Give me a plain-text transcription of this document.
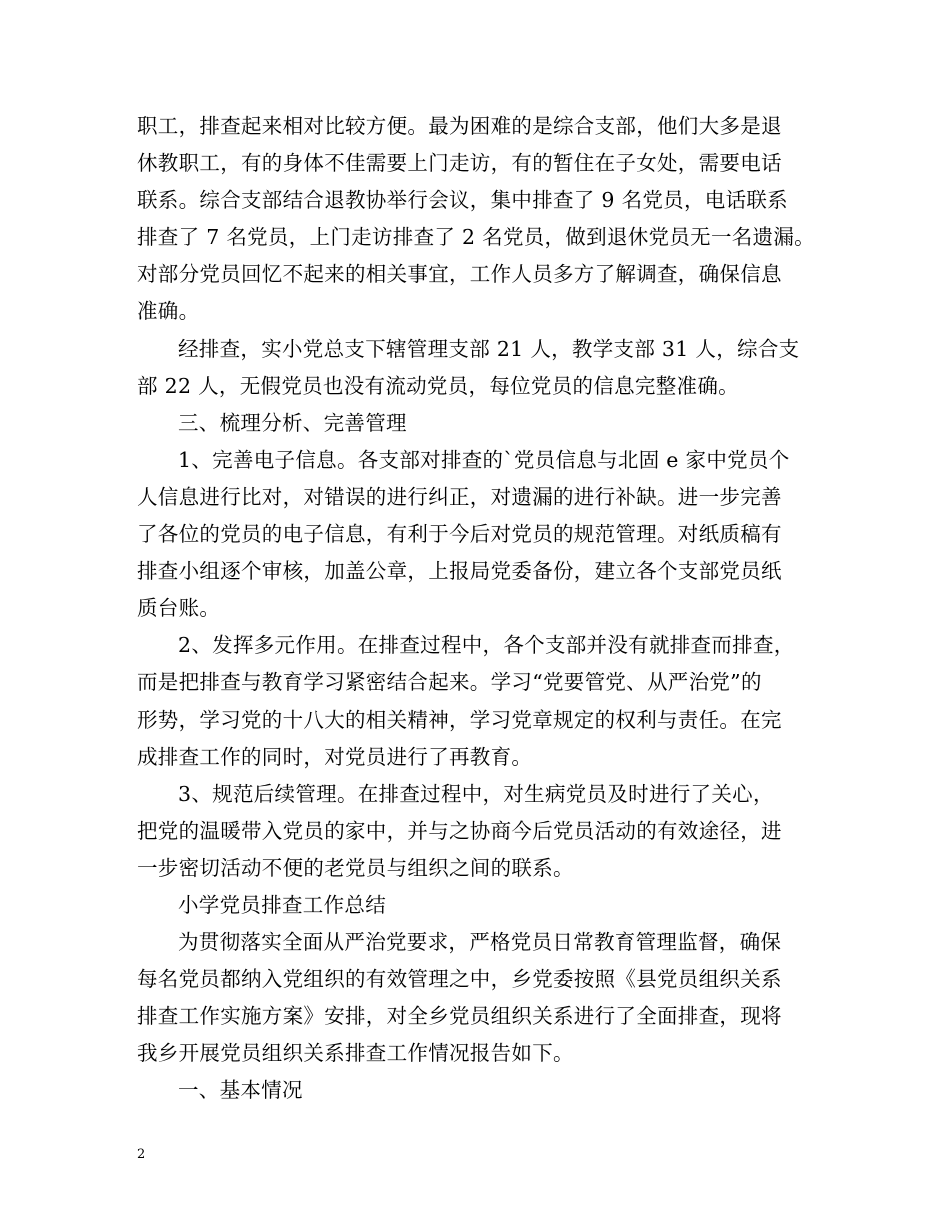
职工，排查起来相对比较方便。最为困难的是综合支部，他们大多是退
休教职工，有的身体不佳需要上门走访，有的暂住在子女处，需要电话
联系。综合支部结合退教协举行会议，集中排查了 9 名党员，电话联系
排查了 7 名党员，上门走访排查了 2 名党员，做到退休党员无一名遗漏。
对部分党员回忆不起来的相关事宜，工作人员多方了解调查，确保信息
准确。
经排查，实小党总支下辖管理支部 21 人，教学支部 31 人，综合支
部 22 人，无假党员也没有流动党员，每位党员的信息完整准确。
三、梳理分析、完善管理
1、完善电子信息。各支部对排查的`党员信息与北固 e 家中党员个
人信息进行比对，对错误的进行纠正，对遗漏的进行补缺。进一步完善
了各位的党员的电子信息，有利于今后对党员的规范管理。对纸质稿有
排查小组逐个审核，加盖公章，上报局党委备份，建立各个支部党员纸
质台账。
2、发挥多元作用。在排查过程中，各个支部并没有就排查而排查，
而是把排查与教育学习紧密结合起来。学习“党要管党、从严治党”的
形势，学习党的十八大的相关精神，学习党章规定的权利与责任。在完
成排查工作的同时，对党员进行了再教育。
3、规范后续管理。在排查过程中，对生病党员及时进行了关心，
把党的温暖带入党员的家中，并与之协商今后党员活动的有效途径，进
一步密切活动不便的老党员与组织之间的联系。
小学党员排查工作总结
为贯彻落实全面从严治党要求，严格党员日常教育管理监督，确保
每名党员都纳入党组织的有效管理之中，乡党委按照《县党员组织关系
排查工作实施方案》安排，对全乡党员组织关系进行了全面排查，现将
我乡开展党员组织关系排查工作情况报告如下。
一、基本情况
2
